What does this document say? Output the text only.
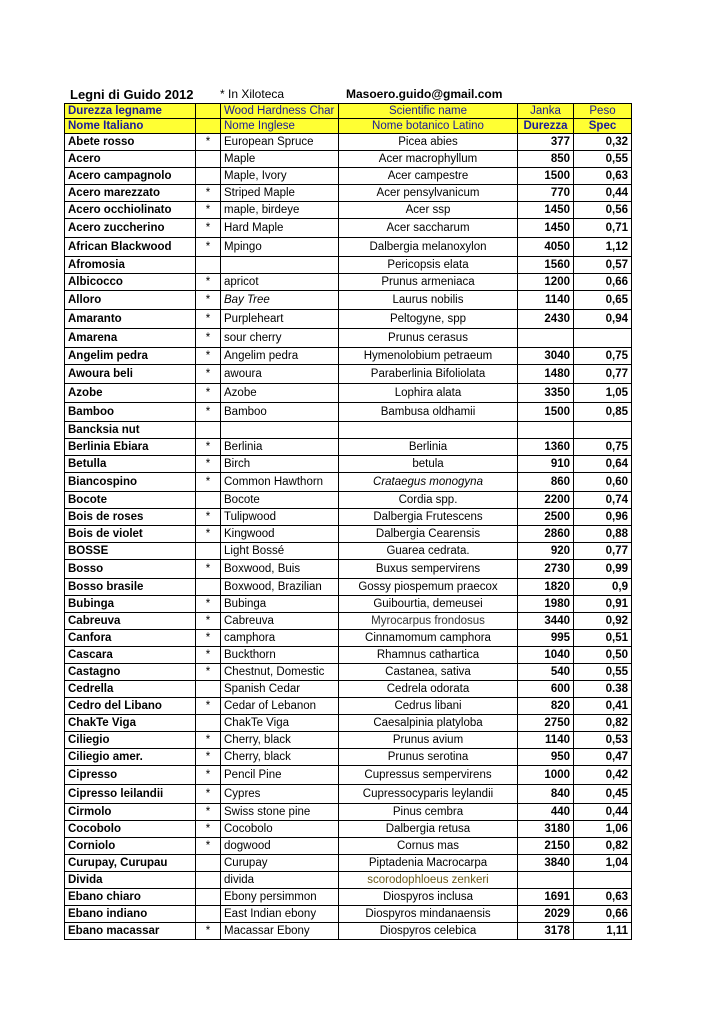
Legni di Guido 2012 * In Xiloteca	Masoero.guido@gmail.com
Durezza legname		Wood Hardness Char	Scientific name	Janka	Peso
Nome Italiano		Nome Inglese	Nome botanico Latino	Durezza	Spec
Abete rosso	*	European Spruce	Picea abies	377	0,32
Acero		Maple	Acer macrophyllum	850	0,55
Acero campagnolo		Maple, Ivory	Acer campestre	1500	0,63
Acero marezzato	*	Striped Maple	Acer pensylvanicum	770	0,44
Acero occhiolinato	*	maple, birdeye	Acer ssp	1450	0,56
Acero zuccherino	*	Hard Maple	Acer saccharum	1450	0,71
African Blackwood	*	Mpingo	Dalbergia melanoxylon	4050	1,12
Afromosia			Pericopsis elata	1560	0,57
Albicocco	*	apricot	Prunus armeniaca	1200	0,66
Alloro	*	Bay Tree	Laurus nobilis	1140	0,65
Amaranto	*	Purpleheart	Peltogyne, spp	2430	0,94
Amarena	*	sour cherry	Prunus cerasus		
Angelim pedra	*	Angelim pedra	Hymenolobium petraeum	3040	0,75
Awoura beli	*	awoura	Paraberlinia Bifoliolata	1480	0,77
Azobe	*	Azobe	Lophira alata	3350	1,05
Bamboo	*	Bamboo	Bambusa oldhamii	1500	0,85
Bancksia nut					
Berlinia Ebiara	*	Berlinia	Berlinia	1360	0,75
Betulla	*	Birch	betula	910	0,64
Biancospino	*	Common Hawthorn	Crataegus monogyna	860	0,60
Bocote		Bocote	Cordia spp.	2200	0,74
Bois de roses	*	Tulipwood	Dalbergia Frutescens	2500	0,96
Bois de violet	*	Kingwood	Dalbergia Cearensis	2860	0,88
BOSSE		Light Bossé	Guarea cedrata.	920	0,77
Bosso	*	Boxwood, Buis	Buxus sempervirens	2730	0,99
Bosso brasile		Boxwood, Brazilian	Gossy piospemum praecox	1820	0,9
Bubinga	*	Bubinga	Guibourtia, demeusei	1980	0,91
Cabreuva	*	Cabreuva	Myrocarpus frondosus	3440	0,92
Canfora	*	camphora	Cinnamomum camphora	995	0,51
Cascara	*	Buckthorn	Rhamnus cathartica	1040	0,50
Castagno	*	Chestnut, Domestic	Castanea, sativa	540	0,55
Cedrella		Spanish Cedar	Cedrela odorata	600	0.38
Cedro del Libano	*	Cedar of Lebanon	Cedrus libani	820	0,41
ChakTe Viga		ChakTe Viga	Caesalpinia platyloba	2750	0,82
Ciliegio	*	Cherry, black	Prunus avium	1140	0,53
Ciliegio amer.	*	Cherry, black	Prunus serotina	950	0,47
Cipresso	*	Pencil Pine	Cupressus sempervirens	1000	0,42
Cipresso leilandii	*	Cypres	Cupressocyparis leylandii	840	0,45
Cirmolo	*	Swiss stone pine	Pinus cembra	440	0,44
Cocobolo	*	Cocobolo	Dalbergia retusa	3180	1,06
Corniolo	*	dogwood	Cornus mas	2150	0,82
Curupay, Curupau		Curupay	Piptadenia Macrocarpa	3840	1,04
Divida		divida	scorodophloeus zenkeri		
Ebano chiaro		Ebony persimmon	Diospyros inclusa	1691	0,63
Ebano indiano		East Indian ebony	Diospyros mindanaensis	2029	0,66
Ebano macassar	*	Macassar Ebony	Diospyros celebica	3178	1,11
